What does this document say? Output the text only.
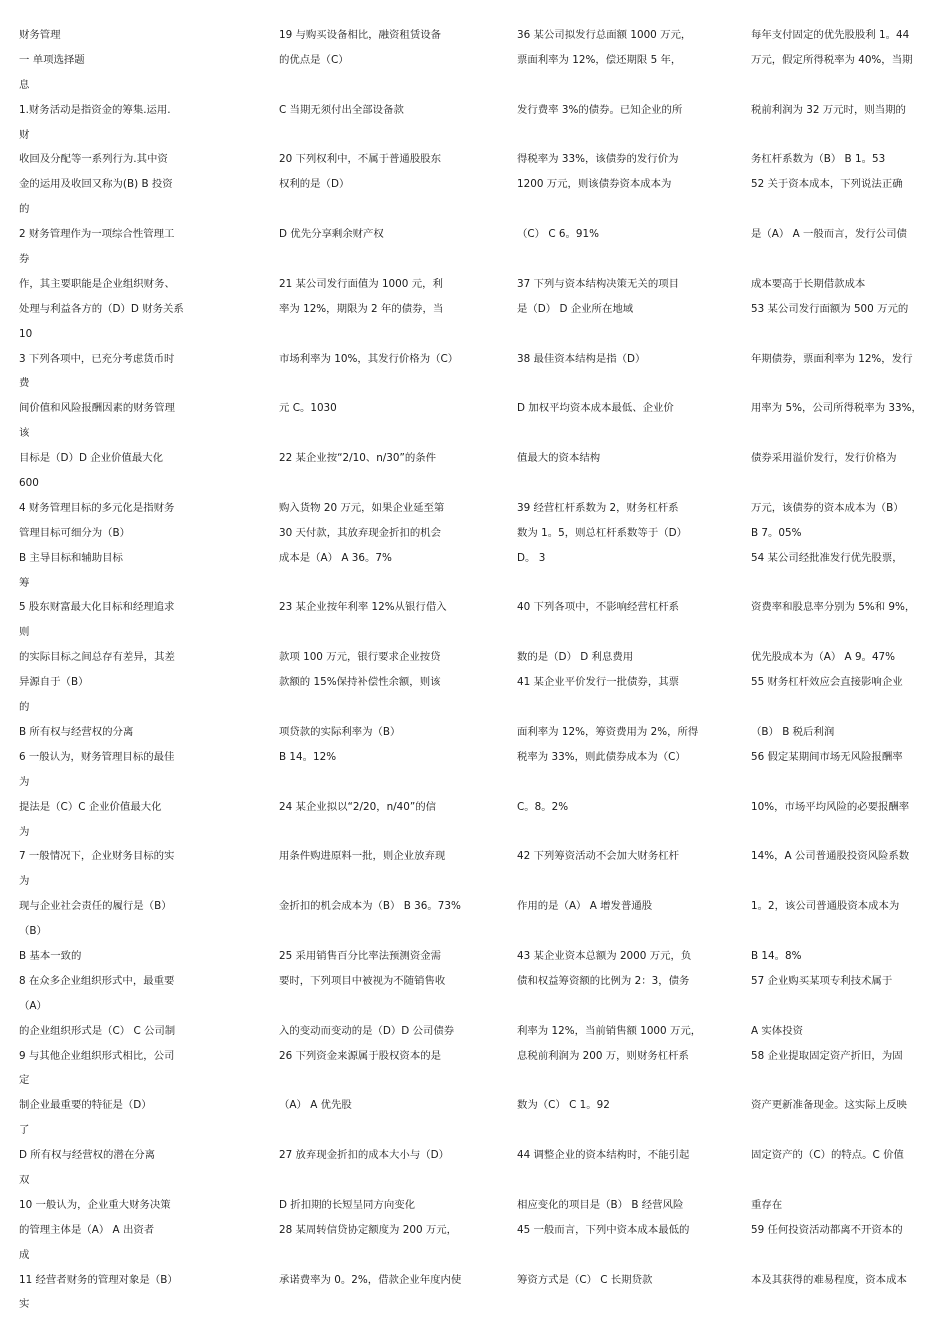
财务管理
一 单项选择题
息
1.财务活动是指资金的筹集.运用.
财
收回及分配等一系列行为.其中资
金的运用及收回又称为(B) B 投资
的
2 财务管理作为一项综合性管理工
券
作，其主要职能是企业组织财务、
处理与利益各方的（D）D 财务关系
10
3 下列各项中，已充分考虑货币时
费
间价值和风险报酬因素的财务管理
该
目标是（D）D 企业价值最大化
600
4 财务管理目标的多元化是指财务
管理目标可细分为（B）
B 主导目标和辅助目标
筹
5 股东财富最大化目标和经理追求
则
的实际目标之间总存有差异，其差
异源自于（B）
的
B 所有权与经营权的分离
6 一般认为，财务管理目标的最佳
为
提法是（C）C 企业价值最大化
为
7 一般情况下，企业财务目标的实
为
现与企业社会责任的履行是（B）
（B）
B 基本一致的
8 在众多企业组织形式中，最重要
（A）
的企业组织形式是（C） C 公司制
9 与其他企业组织形式相比，公司
定
制企业最重要的特征是（D）
了
D 所有权与经营权的潜在分离
双
10 一般认为，企业重大财务决策
的管理主体是（A） A 出资者
成
11 经营者财务的管理对象是（B）
实
19 与购买设备相比，融资租赁设备
的优点是（C）
C 当期无须付出全部设备款
20 下列权利中，不属于普通股股东
权利的是（D）
D 优先分享剩余财产权
21 某公司发行面值为 1000 元，利
率为 12%，期限为 2 年的债券，当
市场利率为 10%，其发行价格为（C）
元 C。1030
22 某企业按“2/10、n/30”的条件
购入货物 20 万元，如果企业延至第
30 天付款，其放弃现金折扣的机会
成本是（A） A 36。7%
23 某企业按年利率 12%从银行借入
款项 100 万元，银行要求企业按贷
款额的 15%保持补偿性余额，则该
项贷款的实际利率为（B）
B 14。12%
24 某企业拟以“2/20，n/40”的信
用条件购进原料一批，则企业放弃现
金折扣的机会成本为（B） B 36。73%
25 采用销售百分比率法预测资金需
要时，下列项目中被视为不随销售收
入的变动而变动的是（D）D 公司债券
26 下列资金来源属于股权资本的是
（A） A 优先股
27 放弃现金折扣的成本大小与（D）
D 折扣期的长短呈同方向变化
28 某周转信贷协定额度为 200 万元，
承诺费率为 0。2%，借款企业年度内使
36 某公司拟发行总面额 1000 万元，
票面利率为 12%，偿还期限 5 年，
发行费率 3%的债券。已知企业的所
得税率为 33%，该债券的发行价为
1200 万元，则该债券资本成本为
（C） C 6。91%
37 下列与资本结构决策无关的项目
是（D） D 企业所在地域
38 最佳资本结构是指（D）
D 加权平均资本成本最低、企业价
值最大的资本结构
39 经营杠杆系数为 2，财务杠杆系
数为 1。5，则总杠杆系数等于（D）
D。 3
40 下列各项中，不影响经营杠杆系
数的是（D） D 利息费用
41 某企业平价发行一批债券，其票
面利率为 12%，筹资费用为 2%，所得
税率为 33%，则此债券成本为（C）
C。8。2%
42 下列筹资活动不会加大财务杠杆
作用的是（A） A 增发普通股
43 某企业资本总额为 2000 万元，负
债和权益筹资额的比例为 2：3，债务
利率为 12%，当前销售额 1000 万元，
息税前利润为 200 万，则财务杠杆系
数为（C） C 1。92
44 调整企业的资本结构时，不能引起
相应变化的项目是（B） B 经营风险
45 一般而言，下列中资本成本最低的
筹资方式是（C） C 长期贷款
每年支付固定的优先股股利 1。44
万元，假定所得税率为 40%，当期
税前利润为 32 万元时，则当期的
务杠杆系数为（B） B 1。53
52 关于资本成本，下列说法正确
是（A） A 一般而言，发行公司债
成本要高于长期借款成本
53 某公司发行面额为 500 万元的
年期债券，票面利率为 12%，发行
用率为 5%，公司所得税率为 33%，
债券采用溢价发行，发行价格为
万元，该债券的资本成本为（B）
B 7。05%
54 某公司经批准发行优先股票，
资费率和股息率分别为 5%和 9%，
优先股成本为（A） A 9。47%
55 财务杠杆效应会直接影响企业
（B） B 税后利润
56 假定某期间市场无风险报酬率
10%，市场平均风险的必要报酬率
14%，A 公司普通股投资风险系数
1。2，该公司普通股资本成本为
B 14。8%
57 企业购买某项专利技术属于
A 实体投资
58 企业提取固定资产折旧，为固
资产更新准备现金。这实际上反映
固定资产的（C）的特点。C 价值
重存在
59 任何投资活动都离不开资本的
本及其获得的难易程度，资本成本
